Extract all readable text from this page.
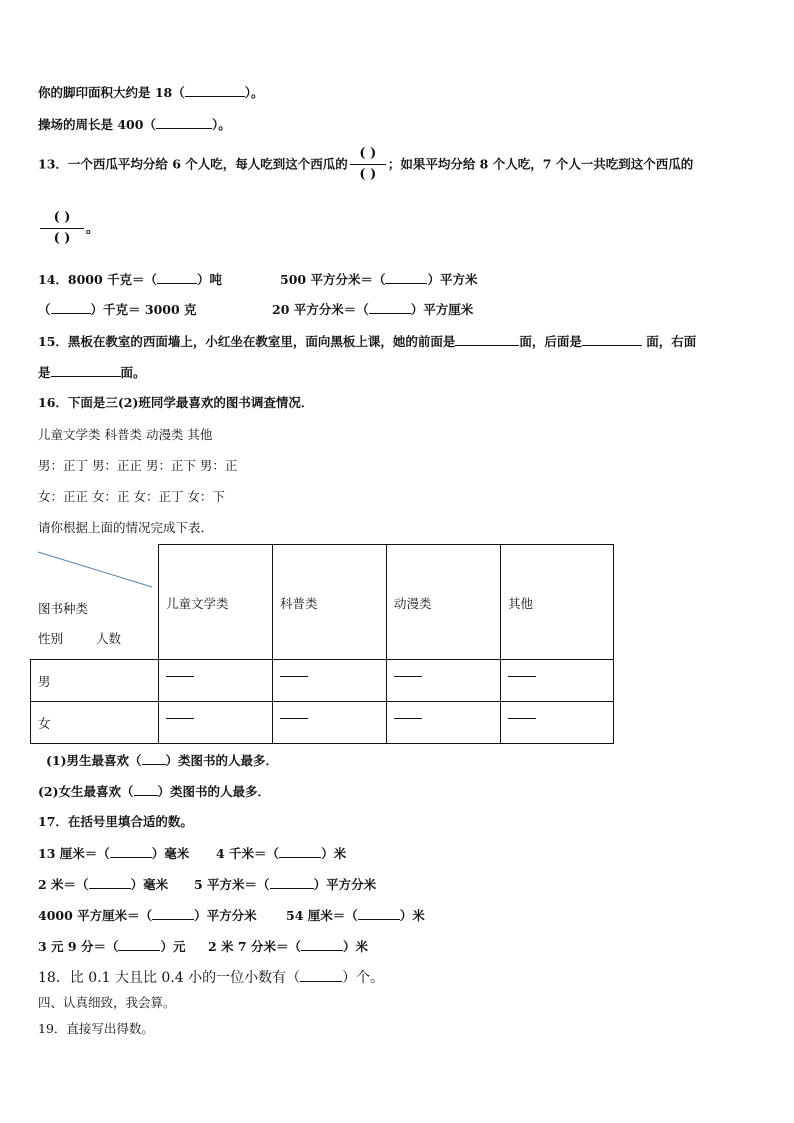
你的脚印面积大约是 18（	）。
操场的周长是 400（	）。
13．一个西瓜平均分给 6 个人吃，每人吃到这个西瓜的 $\frac{( )}{( )}$ ；如果平均分给 8 个人吃，7 个人一共吃到这个西瓜的
$\frac{( )}{( )}$ 。
14．8000 千克＝（	）吨	500 平方分米＝（	）平方米
（	）千克＝ 3000 克	20 平方分米＝（	）平方厘米
15．黑板在教室的西面墙上，小红坐在教室里，面向黑板上课，她的前面是	面，后面是	面，右面
是	面。
16．下面是三(2)班同学最喜欢的图书调查情况．
儿童文学类 科普类 动漫类 其他
男：正丁 男：正正 男：正下 男：正
女：正正 女：正 女：正丁 女：下
请你根据上面的情况完成下表．
图书种类
性别	人数
儿童文学类	科普类	动漫类	其他
男
女
(1)男生最喜欢（ ）类图书的人最多．
(2)女生最喜欢（ ）类图书的人最多．
17．在括号里填合适的数。
13 厘米＝（	）毫米 4 千米＝（	）米
2 米＝（	）毫米 5 平方米＝（	）平方分米
4000 平方厘米＝（	）平方分米 54 厘米＝（	）米
3 元 9 分＝（	）元 2 米 7 分米＝（	）米
18．比 0.1 大且比 0.4 小的一位小数有（	）个。
四、认真细致，我会算。
19．直接写出得数。
